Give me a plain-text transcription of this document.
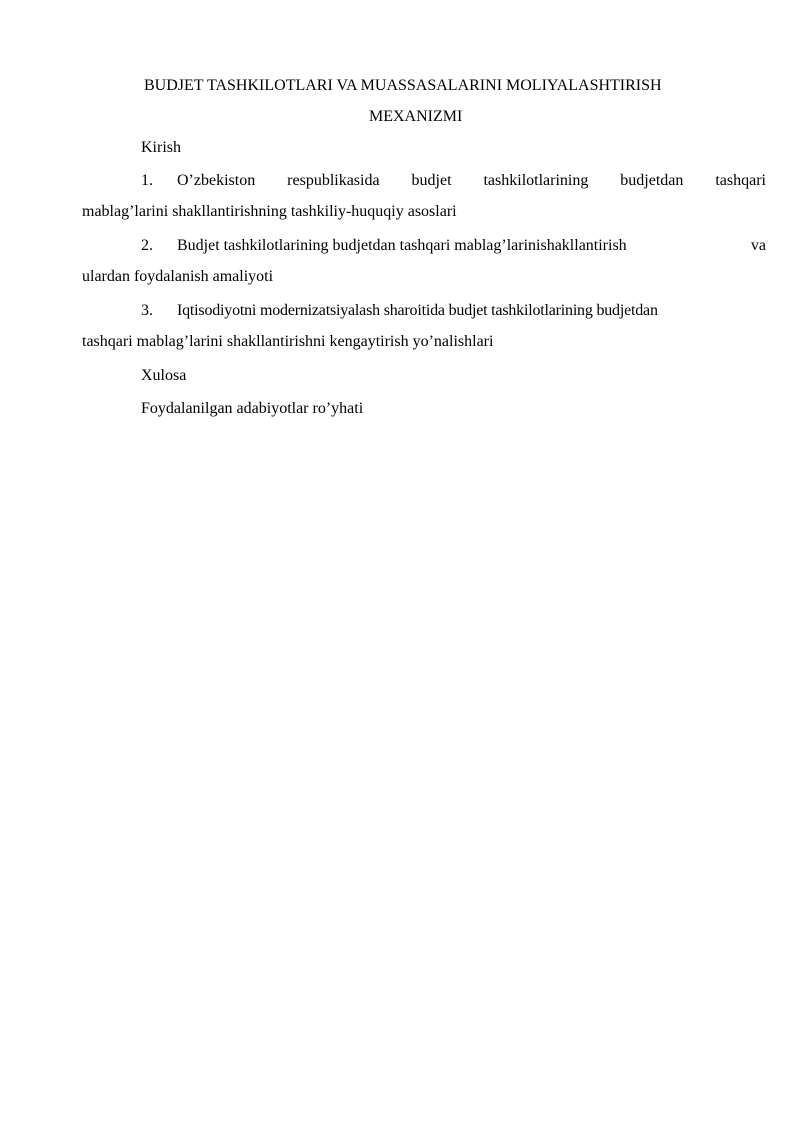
BUDJET TASHKILOTLARI VA MUASSASALARINI MOLIYALASHTIRISH
MEXANIZMI
Kirish
1.	O’zbekiston respublikasida budjet tashkilotlarining budjetdan tashqari
mablag’larini shakllantirishning tashkiliy-huquqiy asoslari
2.	Budjet tashkilotlarining budjetdan tashqari mablag’larinishakllantirish	va
ulardan foydalanish amaliyoti
3.	Iqtisodiyotni modernizatsiyalash sharoitida budjet tashkilotlarining budjetdan
tashqari mablag’larini shakllantirishni kengaytirish yo’nalishlari
Xulosa
Foydalanilgan adabiyotlar ro’yhati
